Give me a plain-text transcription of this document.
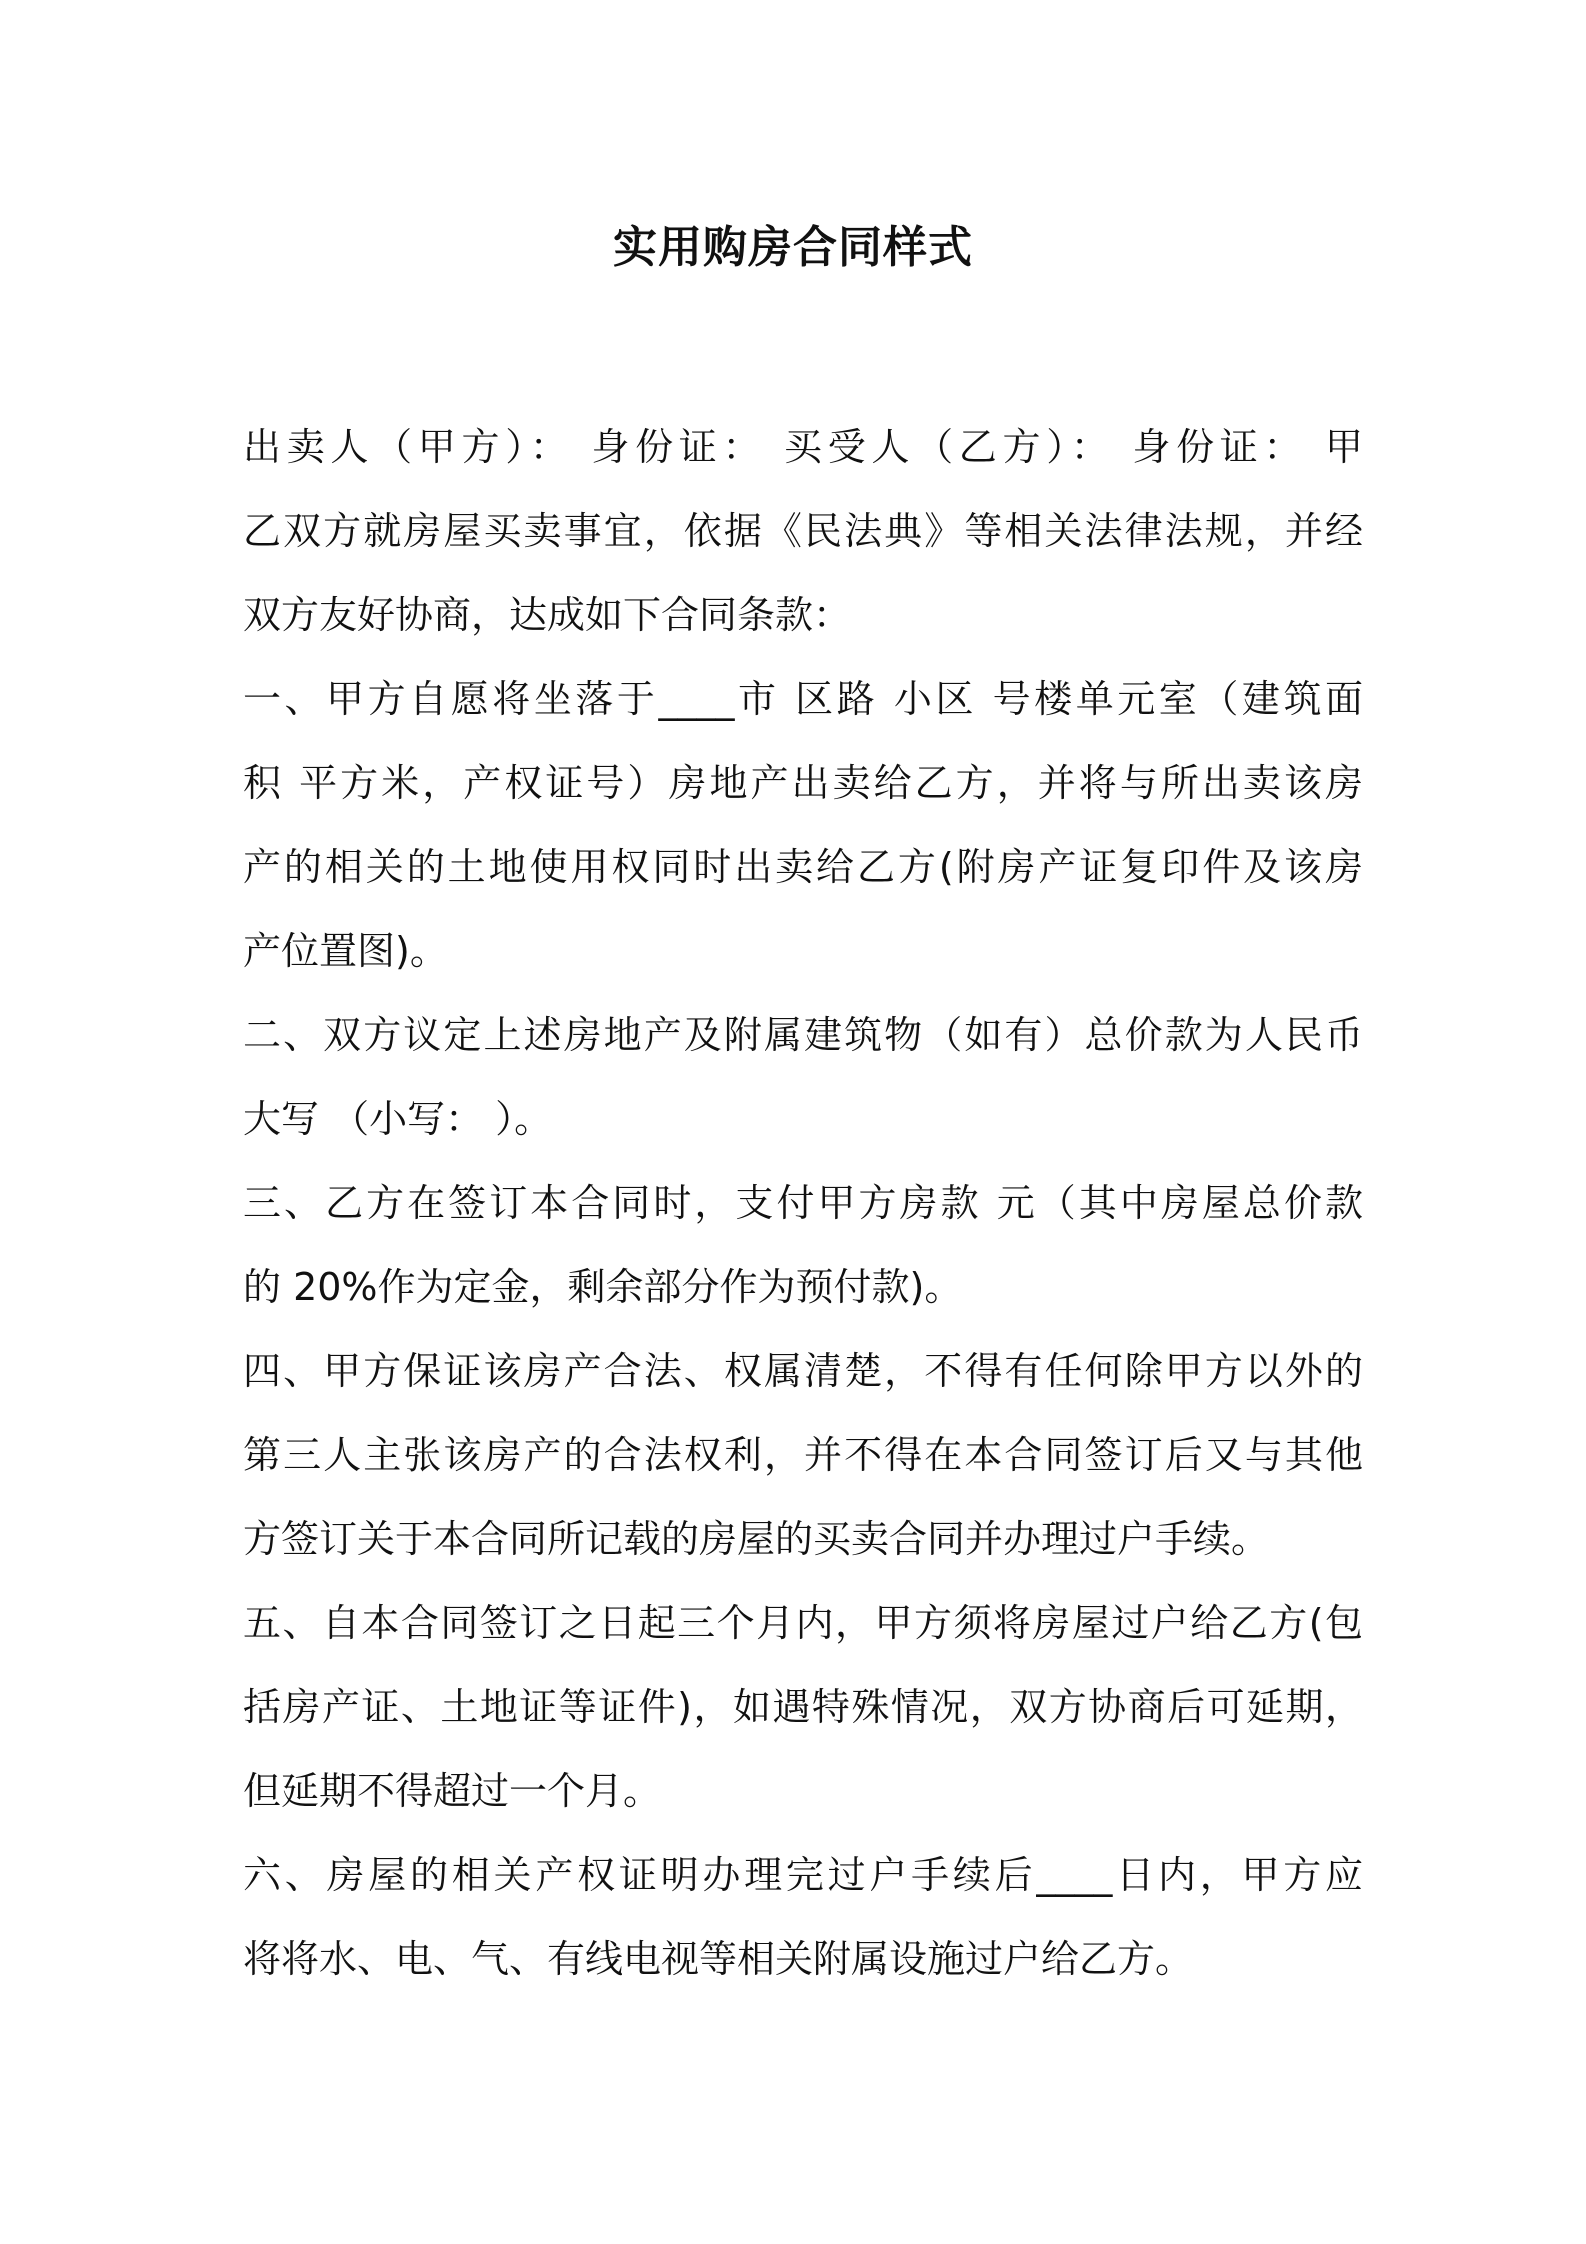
实用购房合同样式
出卖人（甲方）： 身份证： 买受人（乙方）： 身份证： 甲
乙双方就房屋买卖事宜，依据《民法典》等相关法律法规，并经
双方友好协商，达成如下合同条款：
一、甲方自愿将坐落于____市 区路 小区 号楼单元室（建筑面
积 平方米，产权证号）房地产出卖给乙方，并将与所出卖该房
产的相关的土地使用权同时出卖给乙方(附房产证复印件及该房
产位置图)。
二、双方议定上述房地产及附属建筑物（如有）总价款为人民币
大写 （小写： ）。
三、乙方在签订本合同时，支付甲方房款 元（其中房屋总价款
的 20%作为定金，剩余部分作为预付款)。
四、甲方保证该房产合法、权属清楚，不得有任何除甲方以外的
第三人主张该房产的合法权利，并不得在本合同签订后又与其他
方签订关于本合同所记载的房屋的买卖合同并办理过户手续。
五、自本合同签订之日起三个月内，甲方须将房屋过户给乙方(包
括房产证、土地证等证件)，如遇特殊情况，双方协商后可延期，
但延期不得超过一个月。
六、房屋的相关产权证明办理完过户手续后____日内，甲方应
将将水、电、气、有线电视等相关附属设施过户给乙方。
